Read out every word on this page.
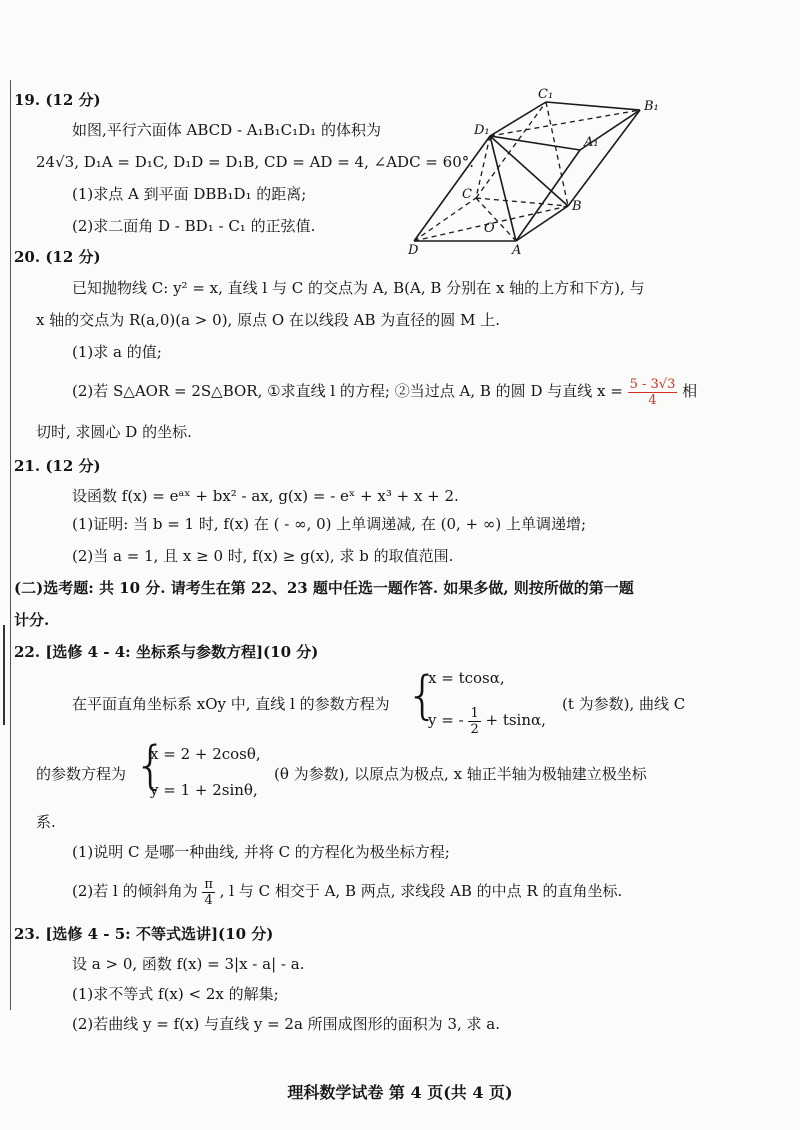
19. (12 分)
如图,平行六面体 ABCD - A₁B₁C₁D₁ 的体积为
24√3, D₁A = D₁C, D₁D = D₁B, CD = AD = 4, ∠ADC = 60°.
(1)求点 A 到平面 DBB₁D₁ 的距离;
(2)求二面角 D - BD₁ - C₁ 的正弦值.
C₁
B₁
D₁
A₁
C
B
O
D	A
20. (12 分)
已知抛物线 C: y² = x, 直线 l 与 C 的交点为 A, B(A, B 分别在 x 轴的上方和下方), 与
x 轴的交点为 R(a,0)(a > 0), 原点 O 在以线段 AB 为直径的圆 M 上.
(1)求 a 的值;
(2)若 S△AOR = 2S△BOR, ①求直线 l 的方程; ②当过点 A, B 的圆 D 与直线 $x = \frac{5 - 3√3}{4}$ 相
切时, 求圆心 D 的坐标.
21. (12 分)
设函数 f(x) = eᵃˣ + bx² - ax, g(x) = - eˣ + x³ + x + 2.
(1)证明: 当 b = 1 时, f(x) 在 ( - ∞, 0) 上单调递减, 在 (0, + ∞) 上单调递增;
(2)当 a = 1, 且 x ≥ 0 时, f(x) ≥ g(x), 求 b 的取值范围.
(二)选考题: 共 10 分. 请考生在第 22、23 题中任选一题作答. 如果多做, 则按所做的第一题
计分.
22. [选修 4 - 4: 坐标系与参数方程](10 分)
在平面直角坐标系 xOy 中, 直线 l 的参数方程为 {
x = tcosα,
y = - $\frac{1}{2} + tsin\alpha$,
(t 为参数), 曲线 C
的参数方程为 {
x = 2 + 2cosθ,
y = 1 + 2sinθ,
(θ 为参数), 以原点为极点, x 轴正半轴为极轴建立极坐标
系.
(1)说明 C 是哪一种曲线, 并将 C 的方程化为极坐标方程;
(2)若 l 的倾斜角为 $\frac{\pi}{4}$ , l 与 C 相交于 A, B 两点, 求线段 AB 的中点 R 的直角坐标.
23. [选修 4 - 5: 不等式选讲](10 分)
设 a > 0, 函数 f(x) = 3|x - a| - a.
(1)求不等式 f(x) < 2x 的解集;
(2)若曲线 y = f(x) 与直线 y = 2a 所围成图形的面积为 3, 求 a.
理科数学试卷 第 4 页(共 4 页)
